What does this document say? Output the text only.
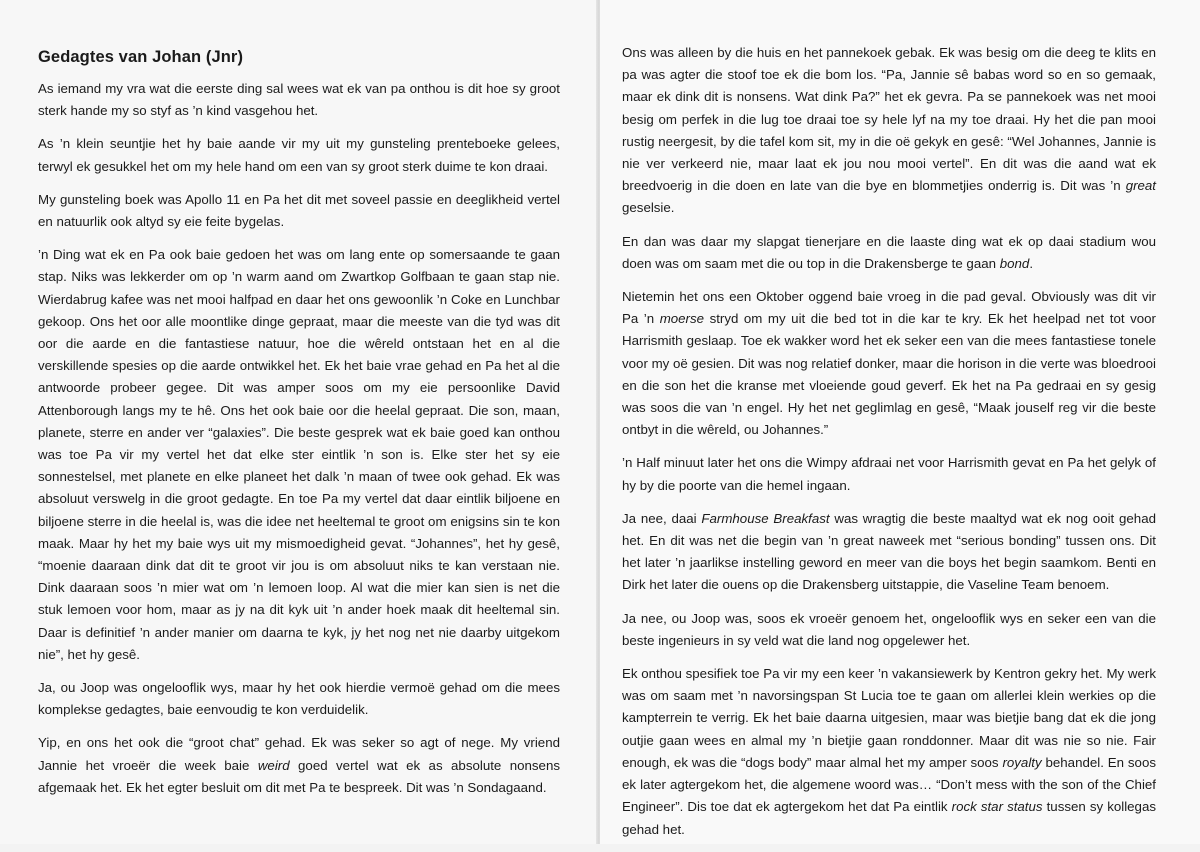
Gedagtes van Johan (Jnr)

As iemand my vra wat die eerste ding sal wees wat ek van pa onthou is dit hoe sy groot sterk hande my so styf as ’n kind vasgehou het.

As ’n klein seuntjie het hy baie aande vir my uit my gunsteling prenteboeke gelees, terwyl ek gesukkel het om my hele hand om een van sy groot sterk duime te kon draai.

My gunsteling boek was Apollo 11 en Pa het dit met soveel passie en deeglikheid vertel en natuurlik ook altyd sy eie feite bygelas.

’n Ding wat ek en Pa ook baie gedoen het was om lang ente op somersaande te gaan stap. Niks was lekkerder om op ’n warm aand om Zwartkop Golfbaan te gaan stap nie. Wierdabrug kafee was net mooi halfpad en daar het ons gewoonlik ’n Coke en Lunchbar gekoop. Ons het oor alle moontlike dinge gepraat, maar die meeste van die tyd was dit oor die aarde en die fantastiese natuur, hoe die wêreld ontstaan het en al die verskillende spesies op die aarde ontwikkel het. Ek het baie vrae gehad en Pa het al die antwoorde probeer gegee. Dit was amper soos om my eie persoonlike David Attenborough langs my te hê. Ons het ook baie oor die heelal gepraat. Die son, maan, planete, sterre en ander ver “galaxies”. Die beste gesprek wat ek baie goed kan onthou was toe Pa vir my vertel het dat elke ster eintlik ’n son is. Elke ster het sy eie sonnestelsel, met planete en elke planeet het dalk ’n maan of twee ook gehad. Ek was absoluut verswelg in die groot gedagte. En toe Pa my vertel dat daar eintlik biljoene en biljoene sterre in die heelal is, was die idee net heeltemal te groot om enigsins sin te kon maak. Maar hy het my baie wys uit my mismoedigheid gevat. “Johannes”, het hy gesê, “moenie daaraan dink dat dit te groot vir jou is om absoluut niks te kan verstaan nie. Dink daaraan soos ’n mier wat om ’n lemoen loop. Al wat die mier kan sien is net die stuk lemoen voor hom, maar as jy na dit kyk uit ’n ander hoek maak dit heeltemal sin. Daar is definitief ’n ander manier om daarna te kyk, jy het nog net nie daarby uitgekom nie”, het hy gesê.

Ja, ou Joop was ongelooflik wys, maar hy het ook hierdie vermoë gehad om die mees komplekse gedagtes, baie eenvoudig te kon verduidelik.

Yip, en ons het ook die “groot chat” gehad. Ek was seker so agt of nege. My vriend Jannie het vroeër die week baie weird goed vertel wat ek as absolute nonsens afgemaak het. Ek het egter besluit om dit met Pa te bespreek. Dit was ’n Sondagaand.

Ons was alleen by die huis en het pannekoek gebak. Ek was besig om die deeg te klits en pa was agter die stoof toe ek die bom los. “Pa, Jannie sê babas word so en so gemaak, maar ek dink dit is nonsens. Wat dink Pa?” het ek gevra. Pa se pannekoek was net mooi besig om perfek in die lug toe draai toe sy hele lyf na my toe draai. Hy het die pan mooi rustig neergesit, by die tafel kom sit, my in die oë gekyk en gesê: “Wel Johannes, Jannie is nie ver verkeerd nie, maar laat ek jou nou mooi vertel”. En dit was die aand wat ek breedvoerig in die doen en late van die bye en blommetjies onderrig is. Dit was ’n great geselsie.

En dan was daar my slapgat tienerjare en die laaste ding wat ek op daai stadium wou doen was om saam met die ou top in die Drakensberge te gaan bond.

Nietemin het ons een Oktober oggend baie vroeg in die pad geval. Obviously was dit vir Pa ’n moerse stryd om my uit die bed tot in die kar te kry. Ek het heelpad net tot voor Harrismith geslaap. Toe ek wakker word het ek seker een van die mees fantastiese tonele voor my oë gesien. Dit was nog relatief donker, maar die horison in die verte was bloedrooi en die son het die kranse met vloeiende goud geverf. Ek het na Pa gedraai en sy gesig was soos die van ’n engel. Hy het net geglimlag en gesê, “Maak jouself reg vir die beste ontbyt in die wêreld, ou Johannes.”

’n Half minuut later het ons die Wimpy afdraai net voor Harrismith gevat en Pa het gelyk of hy by die poorte van die hemel ingaan.

Ja nee, daai Farmhouse Breakfast was wragtig die beste maaltyd wat ek nog ooit gehad het. En dit was net die begin van ’n great naweek met “serious bonding” tussen ons. Dit het later ’n jaarlikse instelling geword en meer van die boys het begin saamkom. Benti en Dirk het later die ouens op die Drakensberg uitstappie, die Vaseline Team benoem.

Ja nee, ou Joop was, soos ek vroeër genoem het, ongelooflik wys en seker een van die beste ingenieurs in sy veld wat die land nog opgelewer het.

Ek onthou spesifiek toe Pa vir my een keer ’n vakansiewerk by Kentron gekry het. My werk was om saam met ’n navorsingspan St Lucia toe te gaan om allerlei klein werkies op die kampterrein te verrig. Ek het baie daarna uitgesien, maar was bietjie bang dat ek die jong outjie gaan wees en almal my ’n bietjie gaan ronddonner. Maar dit was nie so nie. Fair enough, ek was die “dogs body” maar almal het my amper soos royalty behandel. En soos ek later agtergekom het, die algemene woord was… “Don’t mess with the son of the Chief Engineer”. Dis toe dat ek agtergekom het dat Pa eintlik rock star status tussen sy kollegas gehad het.
